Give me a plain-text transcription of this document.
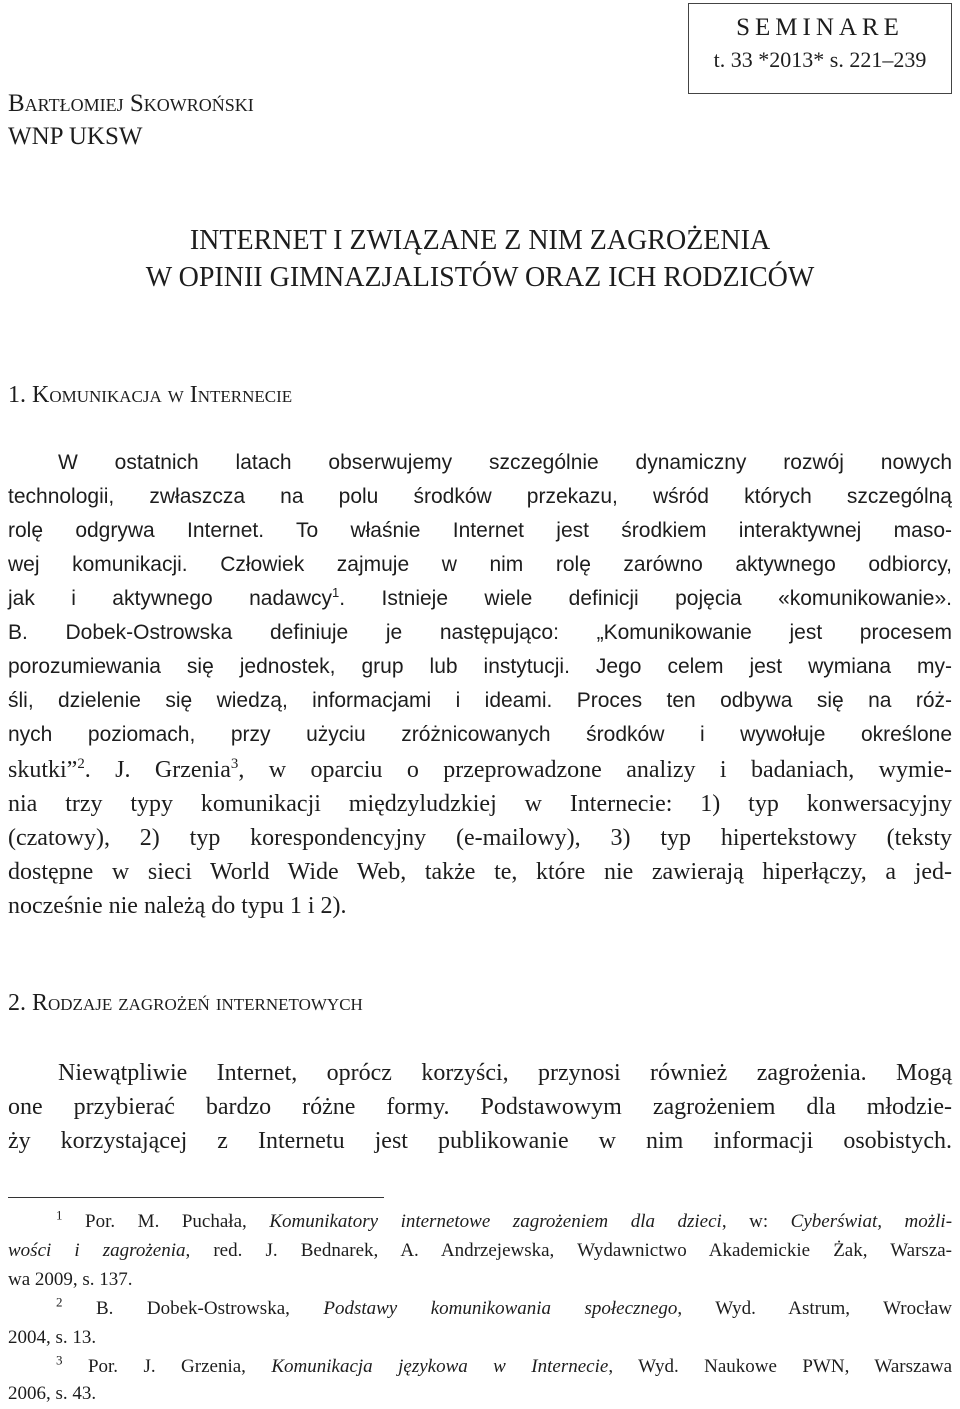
SEMINARE
t. 33 *2013* s. 221–239
Bartłomiej Skowroński
WNP UKSW
INTERNET I ZWIĄZANE Z NIM ZAGROŻENIA
W OPINII GIMNAZJALISTÓW ORAZ ICH RODZICÓW
1. Komunikacja w Internecie
W ostatnich latach obserwujemy szczególnie dynamiczny rozwój nowych
technologii, zwłaszcza na polu środków przekazu, wśród których szczególną
rolę odgrywa Internet. To właśnie Internet jest środkiem interaktywnej maso-
wej komunikacji. Człowiek zajmuje w nim rolę zarówno aktywnego odbiorcy,
jak i aktywnego nadawcy$^1$. Istnieje wiele definicji pojęcia «komunikowanie».
B. Dobek-Ostrowska definiuje je następująco: „Komunikowanie jest procesem
porozumiewania się jednostek, grup lub instytucji. Jego celem jest wymiana my-
śli, dzielenie się wiedzą, informacjami i ideami. Proces ten odbywa się na róż-
nych poziomach, przy użyciu zróżnicowanych środków i wywołuje określone
skutki”$^2$. J. Grzenia$^3$, w oparciu o przeprowadzone analizy i badaniach, wymie-
nia trzy typy komunikacji międzyludzkiej w Internecie: 1) typ konwersacyjny
(czatowy), 2) typ korespondencyjny (e-mailowy), 3) typ hipertekstowy (teksty
dostępne w sieci World Wide Web, także te, które nie zawierają hiperłączy, a jed-
nocześnie nie należą do typu 1 i 2).
2. Rodzaje zagrożeń internetowych
Niewątpliwie Internet, oprócz korzyści, przynosi również zagrożenia. Mogą
one przybierać bardzo różne formy. Podstawowym zagrożeniem dla młodzie-
ży korzystającej z Internetu jest publikowanie w nim informacji osobistych.
$^1$ Por. M. Puchała, Komunikatory internetowe zagrożeniem dla dzieci, w: Cyberświat, możli-
wości i zagrożenia, red. J. Bednarek, A. Andrzejewska, Wydawnictwo Akademickie Żak, Warsza-
wa 2009, s. 137.
$^2$ B. Dobek-Ostrowska, Podstawy komunikowania społecznego, Wyd. Astrum, Wrocław
2004, s. 13.
$^3$ Por. J. Grzenia, Komunikacja językowa w Internecie, Wyd. Naukowe PWN, Warszawa
2006, s. 43.
